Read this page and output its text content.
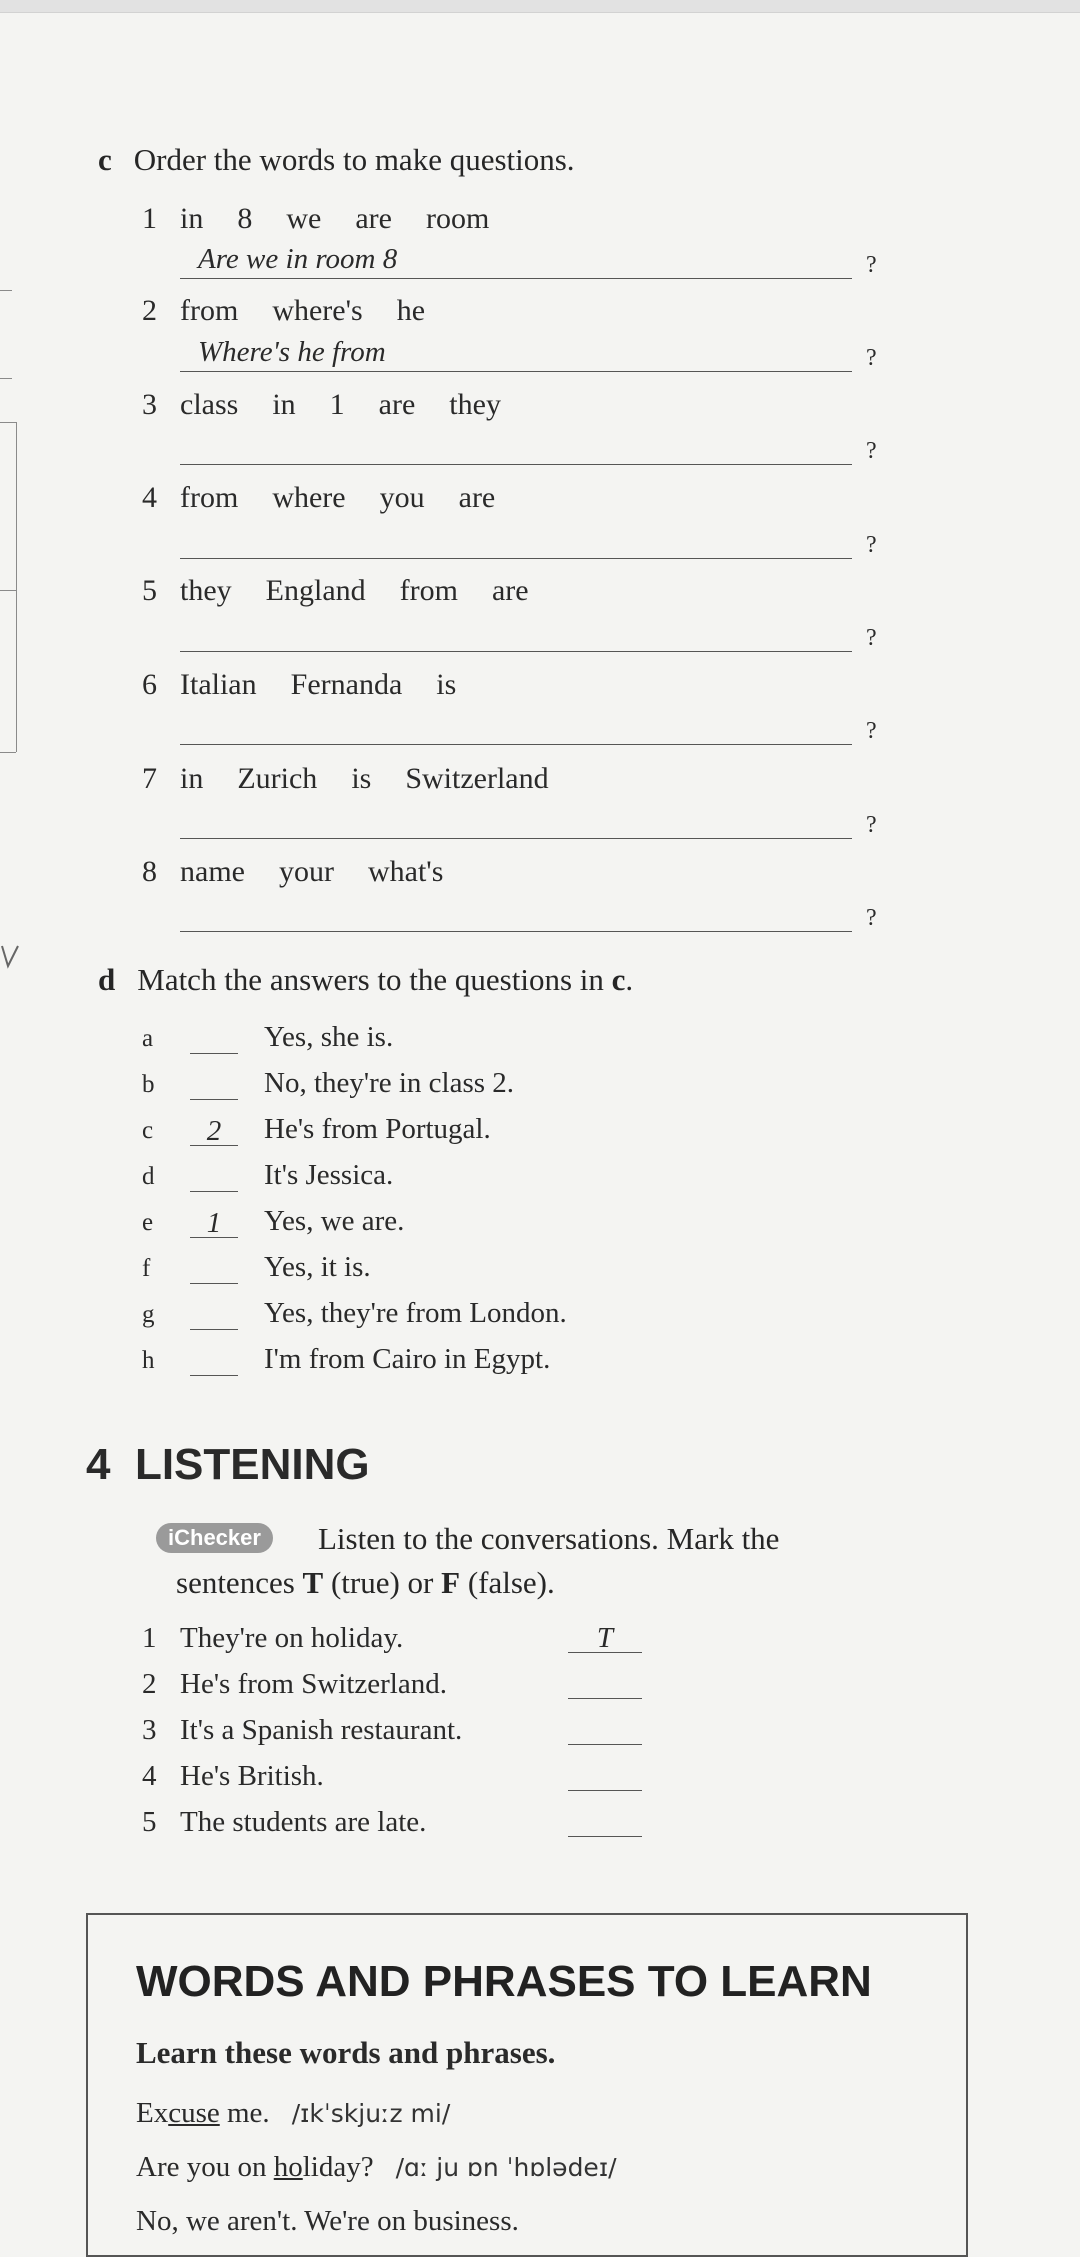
c Order the words to make questions.
1 in 8 we are room
Are we in room 8	?
2 from where's he
Where's he from	?
3 class in 1 are they
?
4 from where you are
?
5 they England from are
?
6 Italian Fernanda is
?
7 in Zurich is Switzerland
?
8 name your what's
?
d Match the answers to the questions in c.
a	Yes, she is.
b	No, they're in class 2.
c 2 He's from Portugal.
d	It's Jessica.
e 1 Yes, we are.
f	Yes, it is.
g	Yes, they're from London.
h	I'm from Cairo in Egypt.
4 LISTENING
iChecker	Listen to the conversations. Mark the
sentences T (true) or F (false).
1 They're on holiday.	T
2 He's from Switzerland.
3 It's a Spanish restaurant.
4 He's British.
5 The students are late.
WORDS AND PHRASES TO LEARN
Learn these words and phrases.
Excuse me. /ɪkˈskjuːz mi/
Are you on holiday? /ɑː ju ɒn ˈhɒlədeɪ/
No, we aren't. We're on business.
